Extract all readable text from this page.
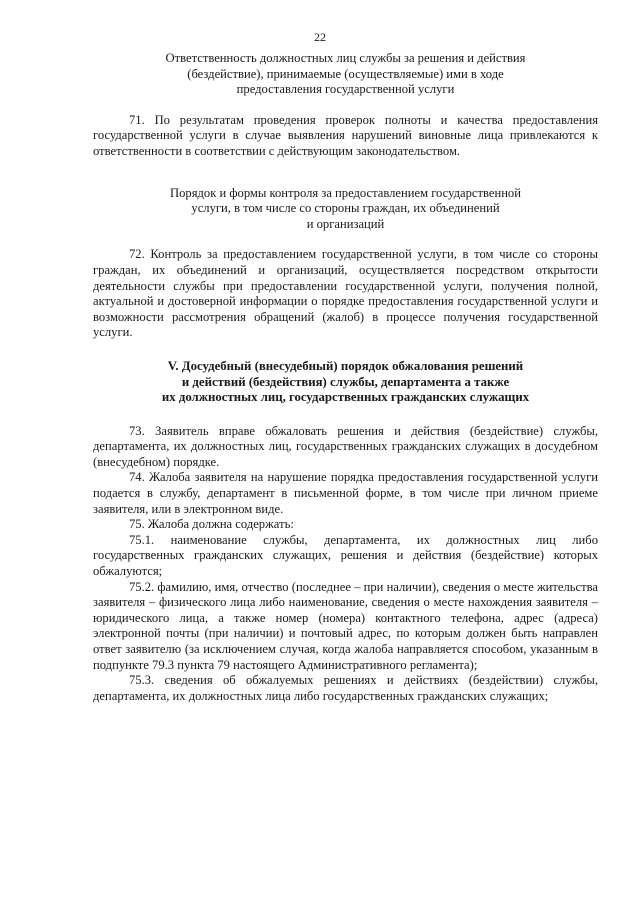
22
Ответственность должностных лиц службы за решения и действия
(бездействие), принимаемые (осуществляемые) ими в ходе
предоставления государственной услуги

71. По результатам проведения проверок полноты и качества предоставления государственной услуги в случае выявления нарушений виновные лица привлекаются к ответственности в соответствии с действующим законодательством.

Порядок и формы контроля за предоставлением государственной
услуги, в том числе со стороны граждан, их объединений
и организаций

72. Контроль за предоставлением государственной услуги, в том числе со стороны граждан, их объединений и организаций, осуществляется посредством открытости деятельности службы при предоставлении государственной услуги, получения полной, актуальной и достоверной информации о порядке предоставления государственной услуги и возможности рассмотрения обращений (жалоб) в процессе получения государственной услуги.

V. Досудебный (внесудебный) порядок обжалования решений
и действий (бездействия) службы, департамента а также
их должностных лиц, государственных гражданских служащих

73. Заявитель вправе обжаловать решения и действия (бездействие) службы, департамента, их должностных лиц, государственных гражданских служащих в досудебном (внесудебном) порядке.

74. Жалоба заявителя на нарушение порядка предоставления государственной услуги подается в службу, департамент в письменной форме, в том числе при личном приеме заявителя, или в электронном виде.

75. Жалоба должна содержать:

75.1. наименование службы, департамента, их должностных лиц либо государственных гражданских служащих, решения и действия (бездействие) которых обжалуются;

75.2. фамилию, имя, отчество (последнее – при наличии), сведения о месте жительства заявителя – физического лица либо наименование, сведения о месте нахождения заявителя – юридического лица, а также номер (номера) контактного телефона, адрес (адреса) электронной почты (при наличии) и почтовый адрес, по которым должен быть направлен ответ заявителю (за исключением случая, когда жалоба направляется способом, указанным в подпункте 79.3 пункта 79 настоящего Административного регламента);

75.3. сведения об обжалуемых решениях и действиях (бездействии) службы, департамента, их должностных лица либо государственных гражданских служащих;
